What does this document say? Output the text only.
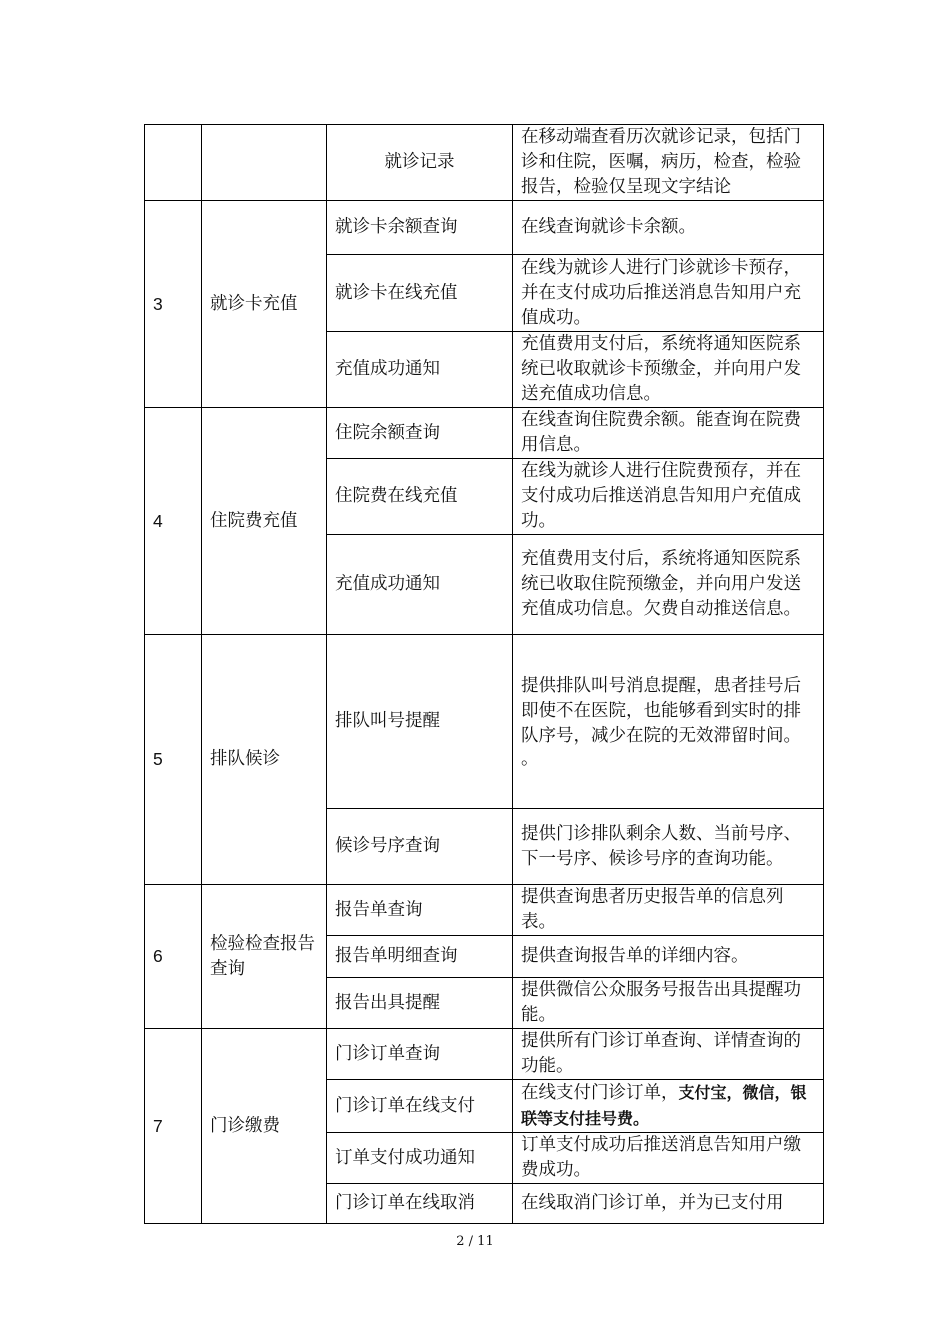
		就诊记录	在移动端查看历次就诊记录，包括门诊和住院，医嘱，病历，检查，检验报告，检验仅呈现文字结论
3	就诊卡充值	就诊卡余额查询	在线查询就诊卡余额。
		就诊卡在线充值	在线为就诊人进行门诊就诊卡预存，并在支付成功后推送消息告知用户充值成功。
		充值成功通知	充值费用支付后，系统将通知医院系统已收取就诊卡预缴金，并向用户发送充值成功信息。
4	住院费充值	住院余额查询	在线查询住院费余额。能查询在院费用信息。
		住院费在线充值	在线为就诊人进行住院费预存，并在支付成功后推送消息告知用户充值成功。
		充值成功通知	充值费用支付后，系统将通知医院系统已收取住院预缴金，并向用户发送充值成功信息。欠费自动推送信息。
5	排队候诊	排队叫号提醒	提供排队叫号消息提醒，患者挂号后即使不在医院，也能够看到实时的排队序号，减少在院的无效滞留时间。
。

		候诊号序查询	提供门诊排队剩余人数、当前号序、下一号序、候诊号序的查询功能。
6	检验检查报告查询	报告单查询	提供查询患者历史报告单的信息列表。
		报告单明细查询	提供查询报告单的详细内容。
		报告出具提醒	提供微信公众服务号报告出具提醒功能。
7	门诊缴费	门诊订单查询	提供所有门诊订单查询、详情查询的功能。
		门诊订单在线支付	在线支付门诊订单，支付宝，微信，银联等支付挂号费。
		订单支付成功通知	订单支付成功后推送消息告知用户缴费成功。
		门诊订单在线取消	在线取消门诊订单，并为已支付用
2 / 11
